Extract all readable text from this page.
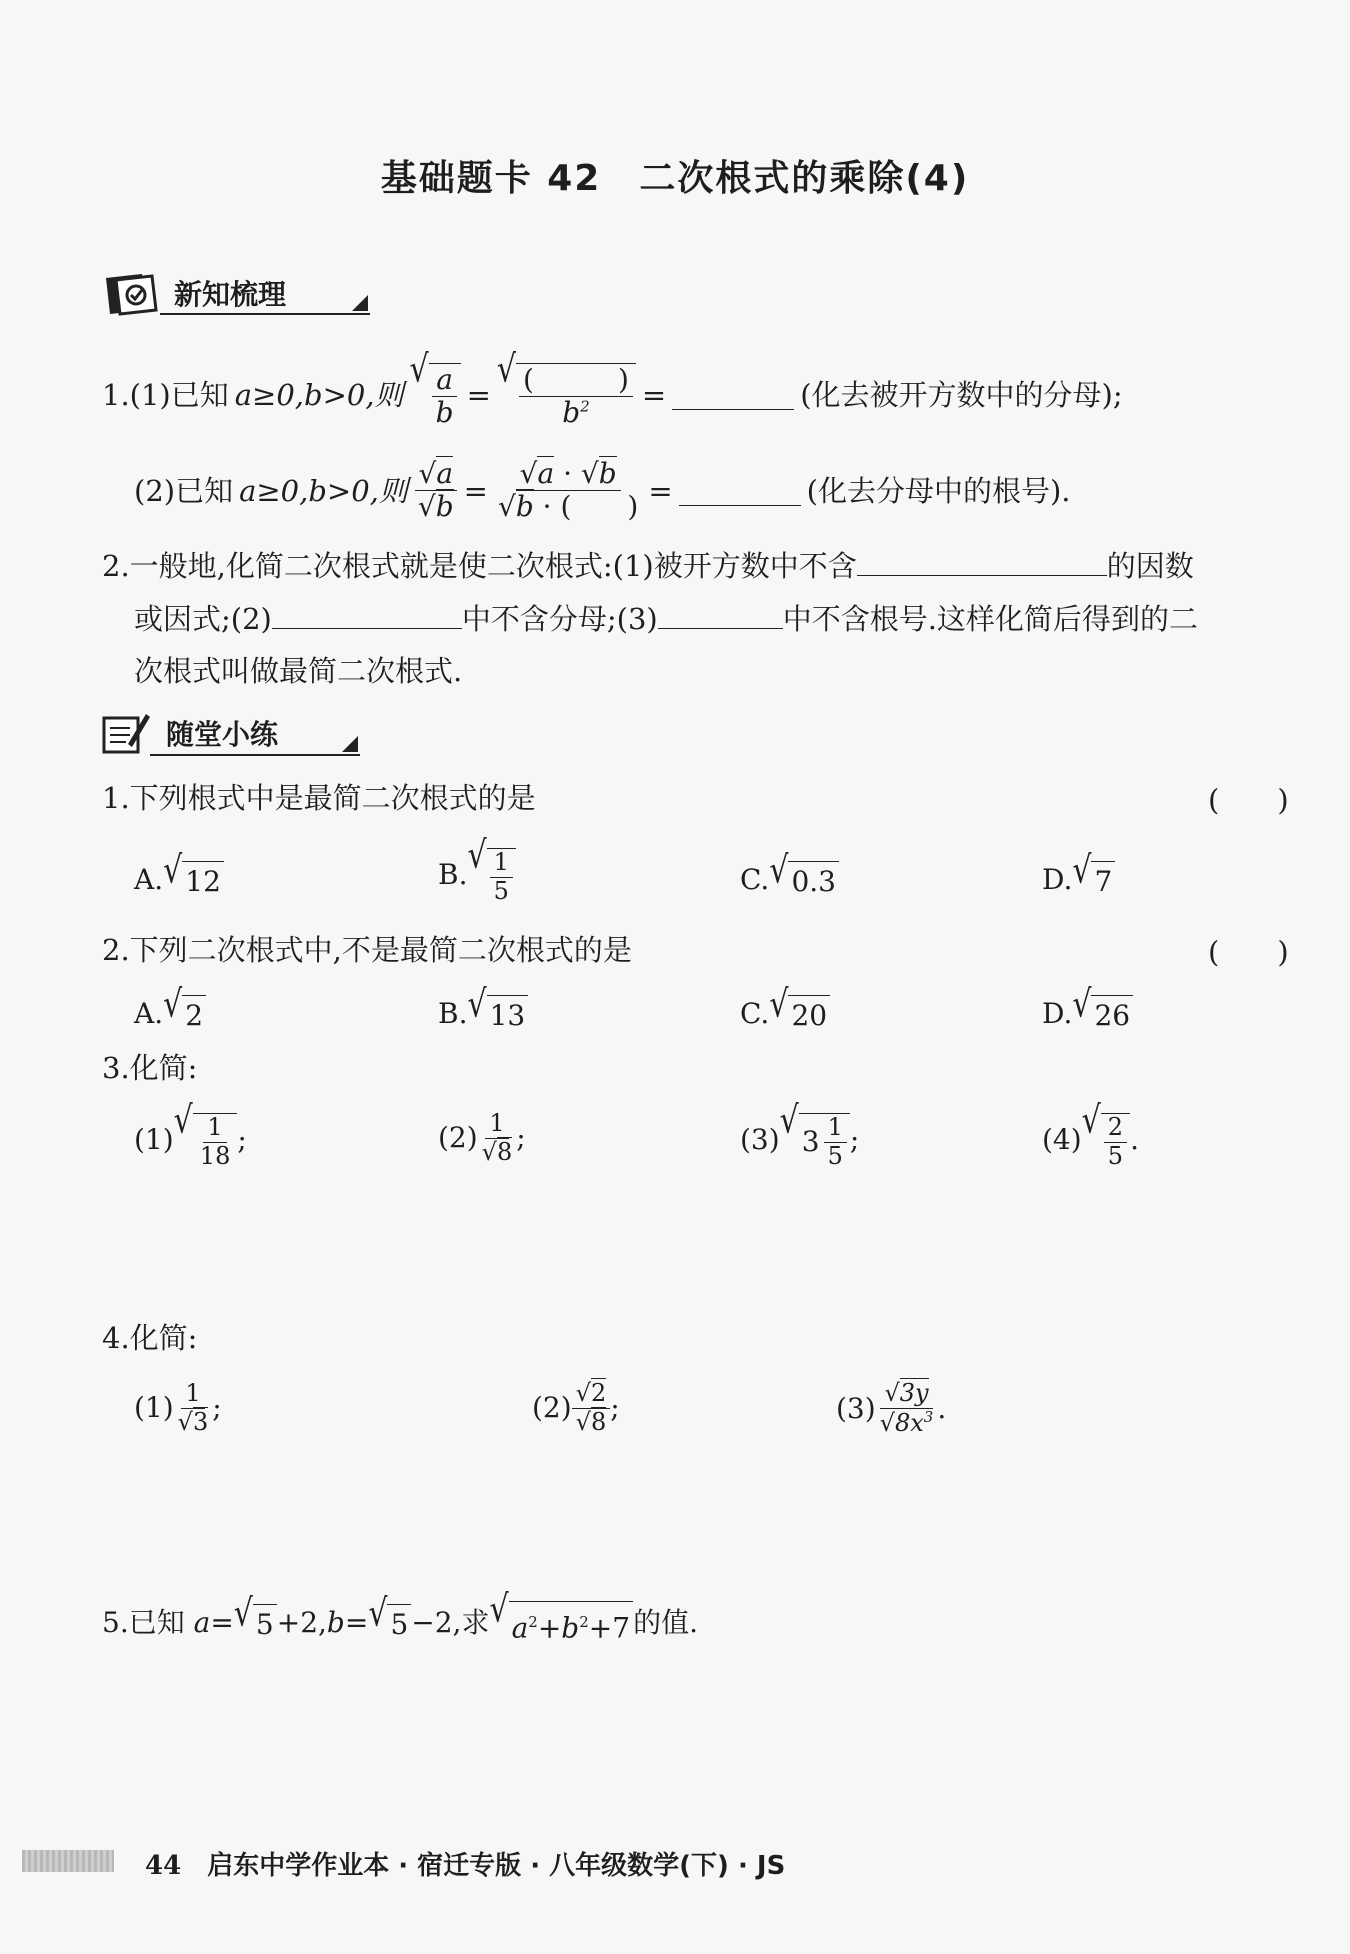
基础题卡 42　二次根式的乘除(4)
新知梳理
1.(1)已知 a≥0,b>0,则
√ $\frac{a}{b}$ =
√ $\frac{( )}{b^2}$ =	(化去被开方数中的分母);
(2)已知 a≥0,b>0,则 $\frac{√a}{√b} = \frac{√a \cdot √b}{√b \cdot ( )}$ =	(化去分母中的根号).
2.一般地,化简二次根式就是使二次根式:(1)被开方数中不含	的因数
或因式;(2)	中不含分母;(3)	中不含根号.这样化简后得到的二
次根式叫做最简二次根式.
随堂小练
1.下列根式中是最简二次根式的是	(　　)
A. √ 12	B. √ $\frac{1}{5}$	C. √ 0.3	D. √ 7
2.下列二次根式中,不是最简二次根式的是	(　　)
A. √ 2	B. √ 13	C. √ 20	D. √ 26
3.化简:
(1) √ $\frac{1}{18}$ ;	$(2) \frac{1}{√8}$ ;	(3) √ $3 \frac{1}{5}$ ;	(4) √ $\frac{2}{5}$ .
4.化简:
$(1) \frac{1}{√3}$ ;	$(2) \frac{√2}{√8}$ ;	$(3) \frac{√3y}{√8x^3}$ .
5.已知 a= √ 5 +2, b= √ 5 −2,求 √ $a^2+b^2+7$ 的值.
44 启东中学作业本 · 宿迁专版 · 八年级数学(下) · JS
